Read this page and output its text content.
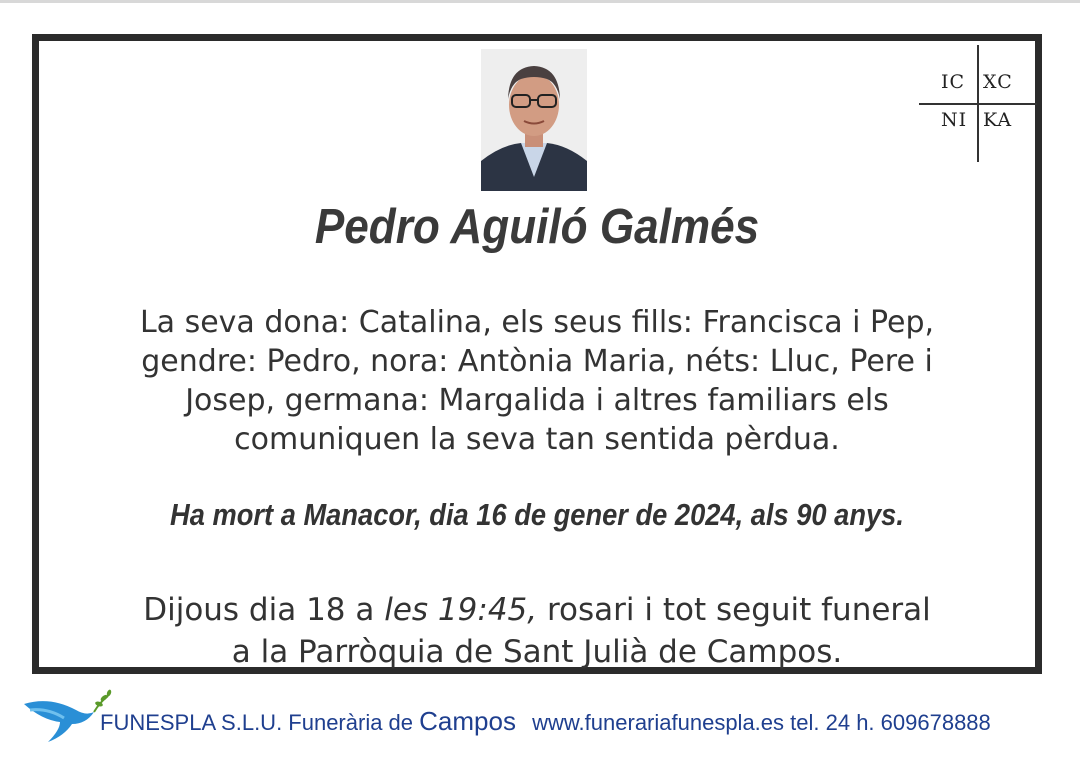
IC XC
NI KA
Pedro Aguiló Galmés
La seva dona: Catalina, els seus fills: Francisca i Pep,
gendre: Pedro, nora: Antònia Maria, néts: Lluc, Pere i
Josep, germana: Margalida i altres familiars els
comuniquen la seva tan sentida pèrdua.
Ha mort a Manacor, dia 16 de gener de 2024, als 90 anys.
Dijous dia 18 a les 19:45, rosari i tot seguit funeral
a la Parròquia de Sant Julià de Campos.
FUNESPLA S.L.U. Funerària de Campos www.funerariafunespla.es tel. 24 h. 609678888
